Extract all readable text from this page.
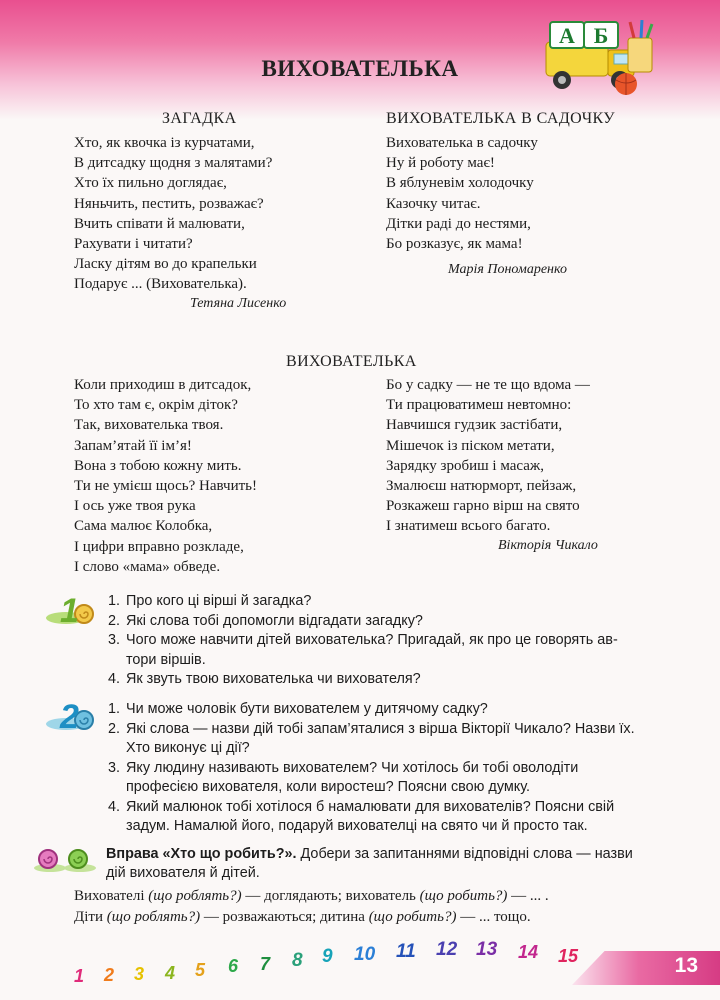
ВИХОВАТЕЛЬКА
А Б
ЗАГАДКА
Хто, як квочка із курчатами,
В дитсадку щодня з малятами?
Хто їх пильно доглядає,
Няньчить, пестить, розважає?
Вчить співати й малювати,
Рахувати і читати?
Ласку дітям во до крапельки
Подарує ... (Вихователька).
Тетяна Лисенко
ВИХОВАТЕЛЬКА В САДОЧКУ
Вихователька в садочку
Ну й роботу має!
В яблуневім холодочку
Казочку читає.
Дітки раді до нестями,
Бо розказує, як мама!
Марія Пономаренко
ВИХОВАТЕЛЬКА
Коли приходиш в дитсадок,
То хто там є, окрім діток?
Так, вихователька твоя.
Запам’ятай її ім’я!
Вона з тобою кожну мить.
Ти не умієш щось? Навчить!
І ось уже твоя рука
Сама малює Колобка,
І цифри вправно розкладе,
І слово «мама» обведе.
Бо у садку — не те що вдома —
Ти працюватимеш невтомно:
Навчишся гудзик застібати,
Мішечок із піском метати,
Зарядку зробиш і масаж,
Змалюєш натюрморт, пейзаж,
Розкажеш гарно вірш на свято
І знатимеш всього багато.
Вікторія Чикало
1 1. Про кого ці вірші й загадка?
2. Які слова тобі допомогли відгадати загадку?
3. Чого може навчити дітей вихователька? Пригадай, як про це говорять ав-
тори віршів.
4. Як звуть твою вихователька чи вихователя?
2 1. Чи може чоловік бути вихователем у дитячому садку?
2. Які слова — назви дій тобі запам’яталися з вірша Вікторії Чикало? Назви їх.
Хто виконує ці дії?
3. Яку людину називають вихователем? Чи хотілось би тобі оволодіти
професією вихователя, коли виростеш? Поясни свою думку.
4. Який малюнок тобі хотілося б намалювати для вихователів? Поясни свій
задум. Намалюй його, подаруй вихователці на свято чи й просто так.
Вправа «Хто що робить?». Добери за запитаннями відповідні слова — назви
дій вихователя й дітей.
Вихователі (що роблять?) — доглядають; вихователь (що робить?) — ... .
Діти (що роблять?) — розважаються; дитина (що робить?) — ... тощо.
1 2 3 4 5 6 7 8 9 10 11 12 13 14 15	13
